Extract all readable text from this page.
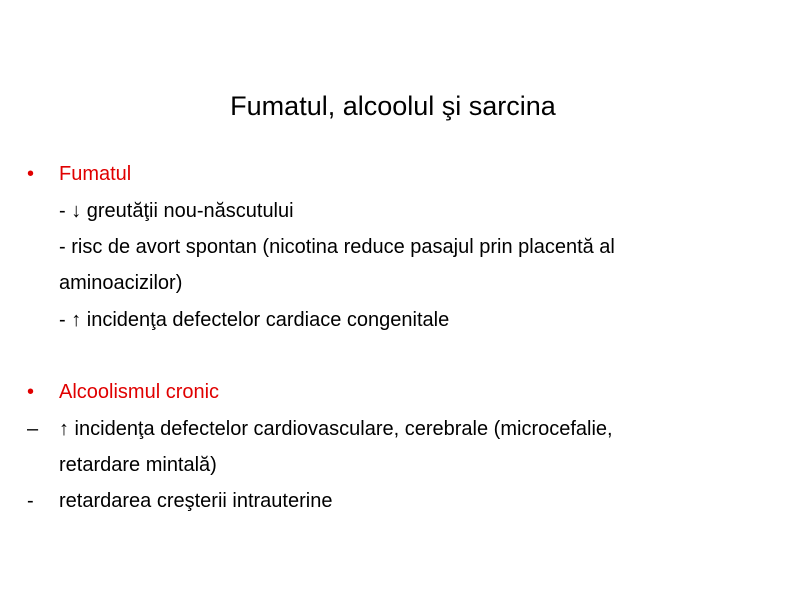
Fumatul, alcoolul şi sarcina
• Fumatul
- ↓ greutăţii nou-născutului
- risc de avort spontan (nicotina reduce pasajul prin placentă al
aminoacizilor)
- ↑ incidenţa defectelor cardiace congenitale
• Alcoolismul cronic
– ↑ incidenţa defectelor cardiovasculare, cerebrale (microcefalie,
retardare mintală)
- retardarea creşterii intrauterine
